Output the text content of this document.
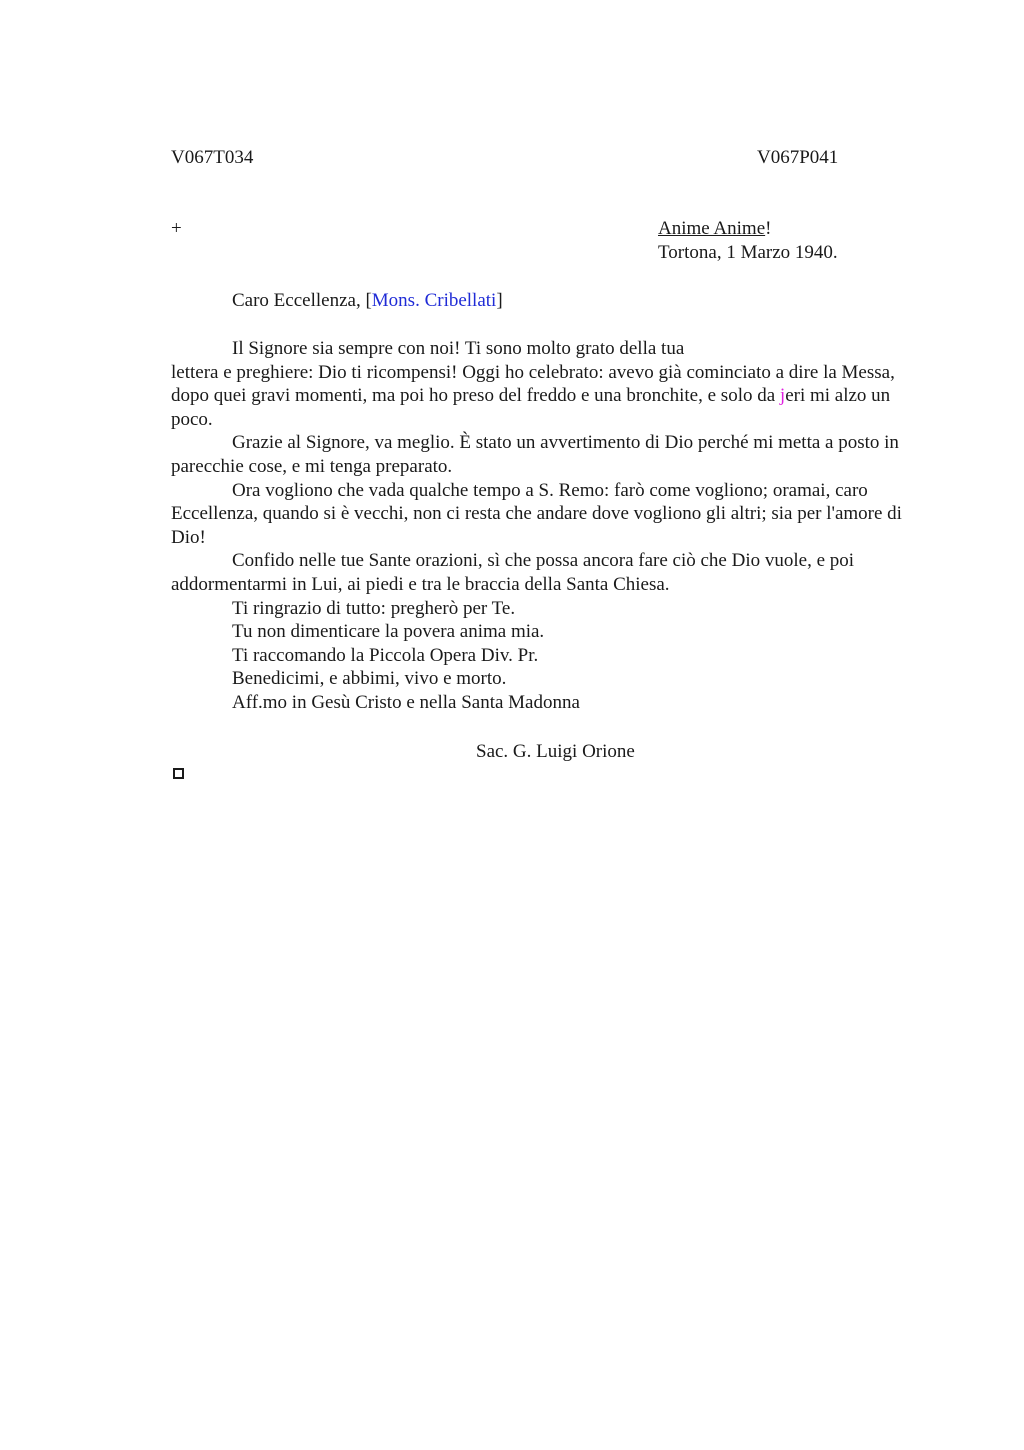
V067T034	V067P041
+	Anime Anime!
Tortona, 1 Marzo 1940.
Caro Eccellenza, [Mons. Cribellati]

Il Signore sia sempre con noi! Ti sono molto grato della tua

lettera e preghiere: Dio ti ricompensi! Oggi ho celebrato: avevo già cominciato a dire la Messa, dopo quei gravi momenti, ma poi ho preso del freddo e una bronchite, e solo da jeri mi alzo un poco.

Grazie al Signore, va meglio. È stato un avvertimento di Dio perché mi metta a posto in parecchie cose, e mi tenga preparato.

Ora vogliono che vada qualche tempo a S. Remo: farò come vogliono; oramai, caro Eccellenza, quando si è vecchi, non ci resta che andare dove vogliono gli altri; sia per l'amore di Dio!

Confido nelle tue Sante orazioni, sì che possa ancora fare ciò che Dio vuole, e poi addormentarmi in Lui, ai piedi e tra le braccia della Santa Chiesa.

Ti ringrazio di tutto: pregherò per Te.

Tu non dimenticare la povera anima mia.

Ti raccomando la Piccola Opera Div. Pr.

Benedicimi, e abbimi, vivo e morto.

Aff.mo in Gesù Cristo e nella Santa Madonna

Sac. G. Luigi Orione
